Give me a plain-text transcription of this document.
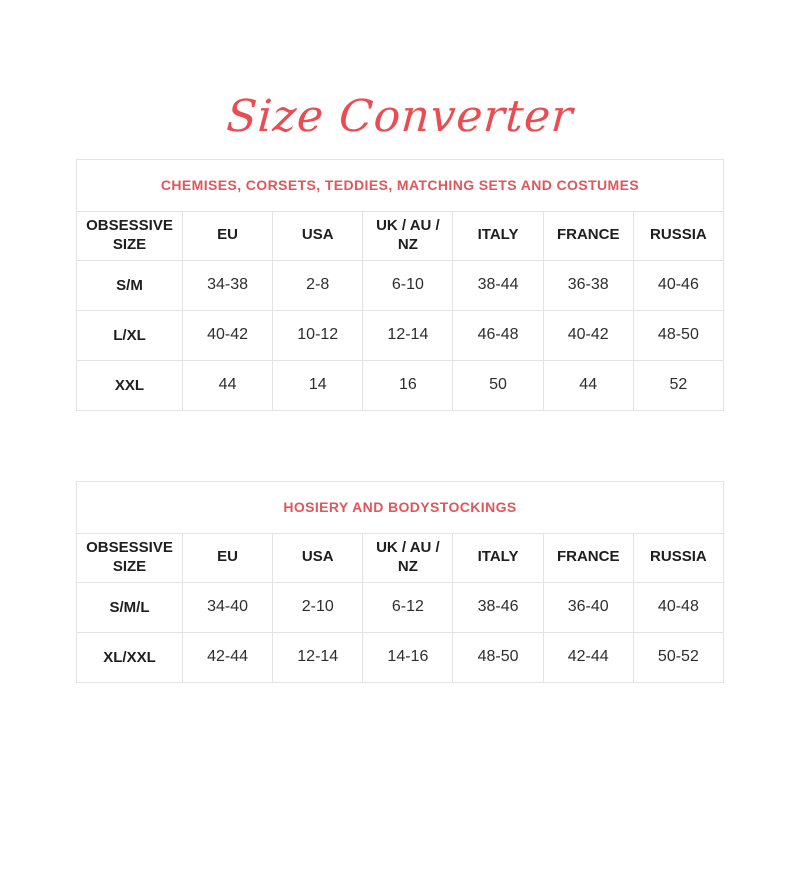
Size Converter
CHEMISES, CORSETS, TEDDIES, MATCHING SETS AND COSTUMES						
OBSESSIVE SIZE	EU	USA	UK / AU / NZ	ITALY	FRANCE	RUSSIA
S/M	34-38	2-8	6-10	38-44	36-38	40-46
L/XL	40-42	10-12	12-14	46-48	40-42	48-50
XXL	44	14	16	50	44	52
HOSIERY AND BODYSTOCKINGS						
OBSESSIVE SIZE	EU	USA	UK / AU / NZ	ITALY	FRANCE	RUSSIA
S/M/L	34-40	2-10	6-12	38-46	36-40	40-48
XL/XXL	42-44	12-14	14-16	48-50	42-44	50-52
